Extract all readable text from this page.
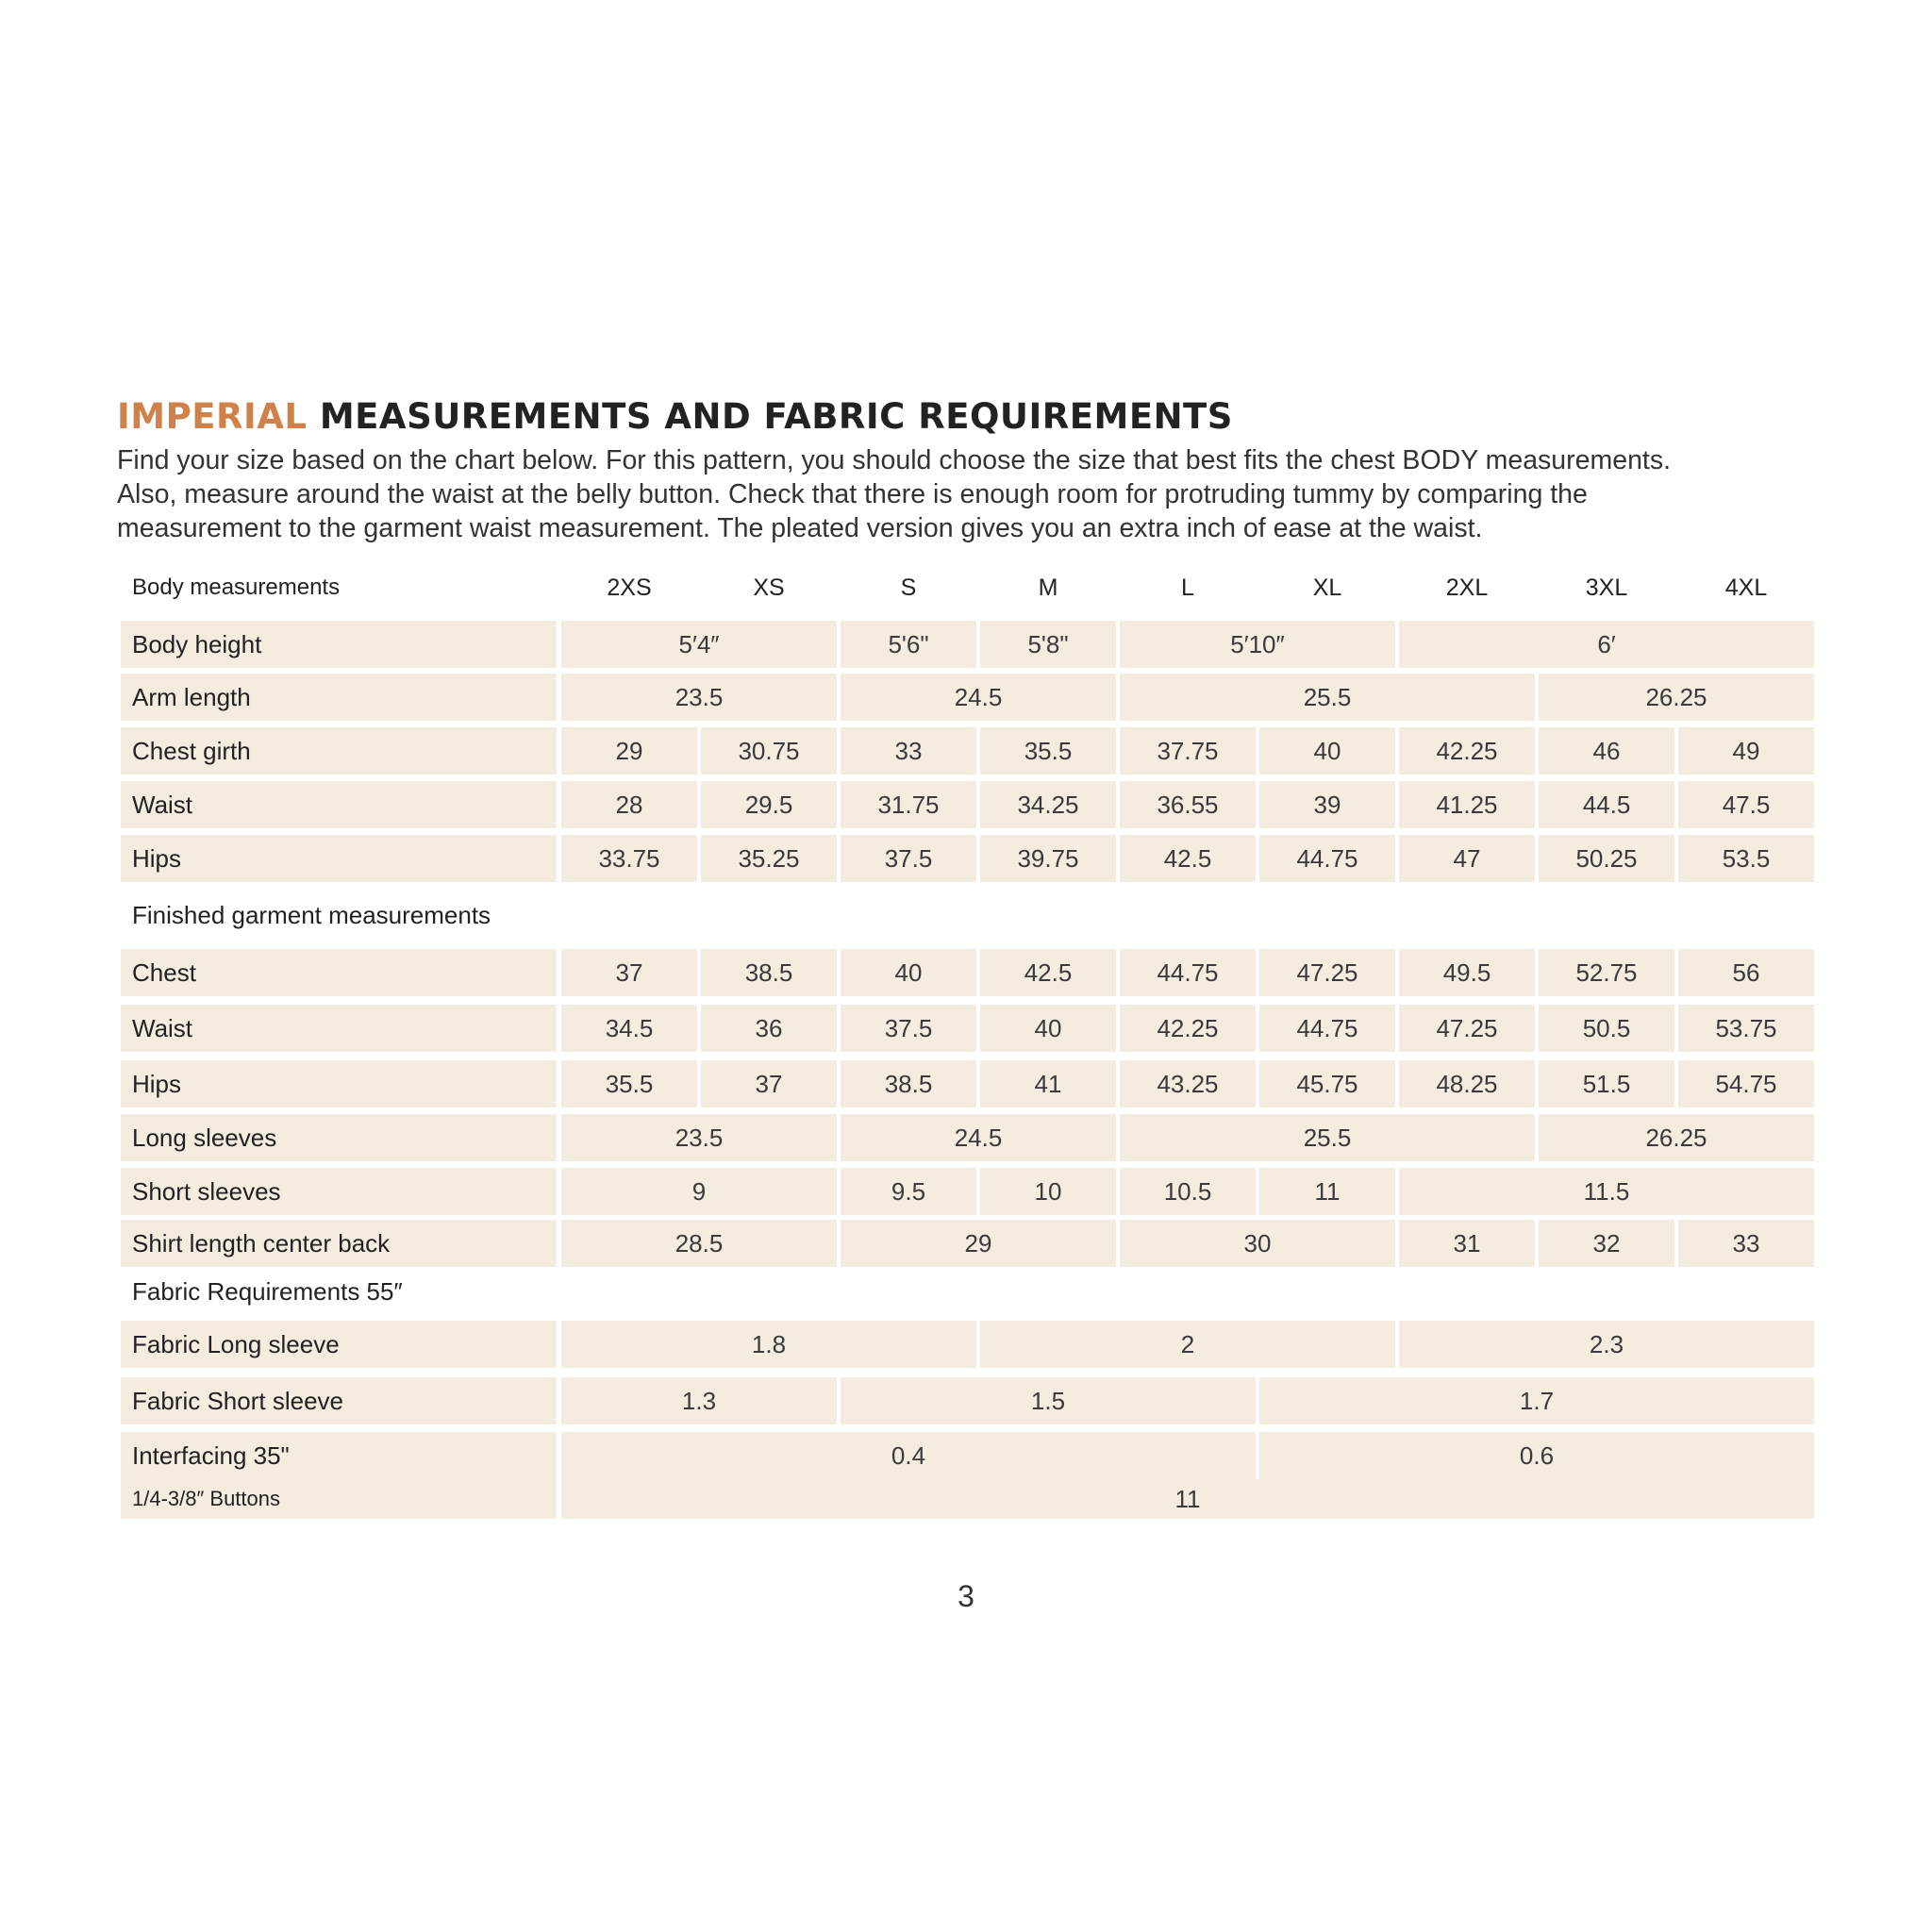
IMPERIAL MEASUREMENTS AND FABRIC REQUIREMENTS

Find your size based on the chart below. For this pattern, you should choose the size that best fits the chest BODY measurements.

Also, measure around the waist at the belly button. Check that there is enough room for protruding tummy by comparing the

measurement to the garment waist measurement. The pleated version gives you an extra inch of ease at the waist.

Body measurements	2XS	XS	S	M	L	XL	2XL	3XL	4XL
Body height	5′4″	5'6"	5'8"	5′10″	6′
Arm length	23.5	24.5	25.5	26.25
Chest girth	29	30.75	33	35.5	37.75	40	42.25	46	49
Waist	28	29.5	31.75	34.25	36.55	39	41.25	44.5	47.5
Hips	33.75	35.25	37.5	39.75	42.5	44.75	47	50.25	53.5
Finished garment measurements
Chest	37	38.5	40	42.5	44.75	47.25	49.5	52.75	56
Waist	34.5	36	37.5	40	42.25	44.75	47.25	50.5	53.75
Hips	35.5	37	38.5	41	43.25	45.75	48.25	51.5	54.75
Long sleeves	23.5	24.5	25.5	26.25
Short sleeves	9	9.5	10	10.5	11	11.5
Shirt length center back	28.5	29	30	31	32	33
Fabric Requirements 55″
Fabric Long sleeve	1.8	2	2.3
Fabric Short sleeve	1.3	1.5	1.7
Interfacing 35"	0.4	0.6
1/4-3/8″ Buttons	11
3
